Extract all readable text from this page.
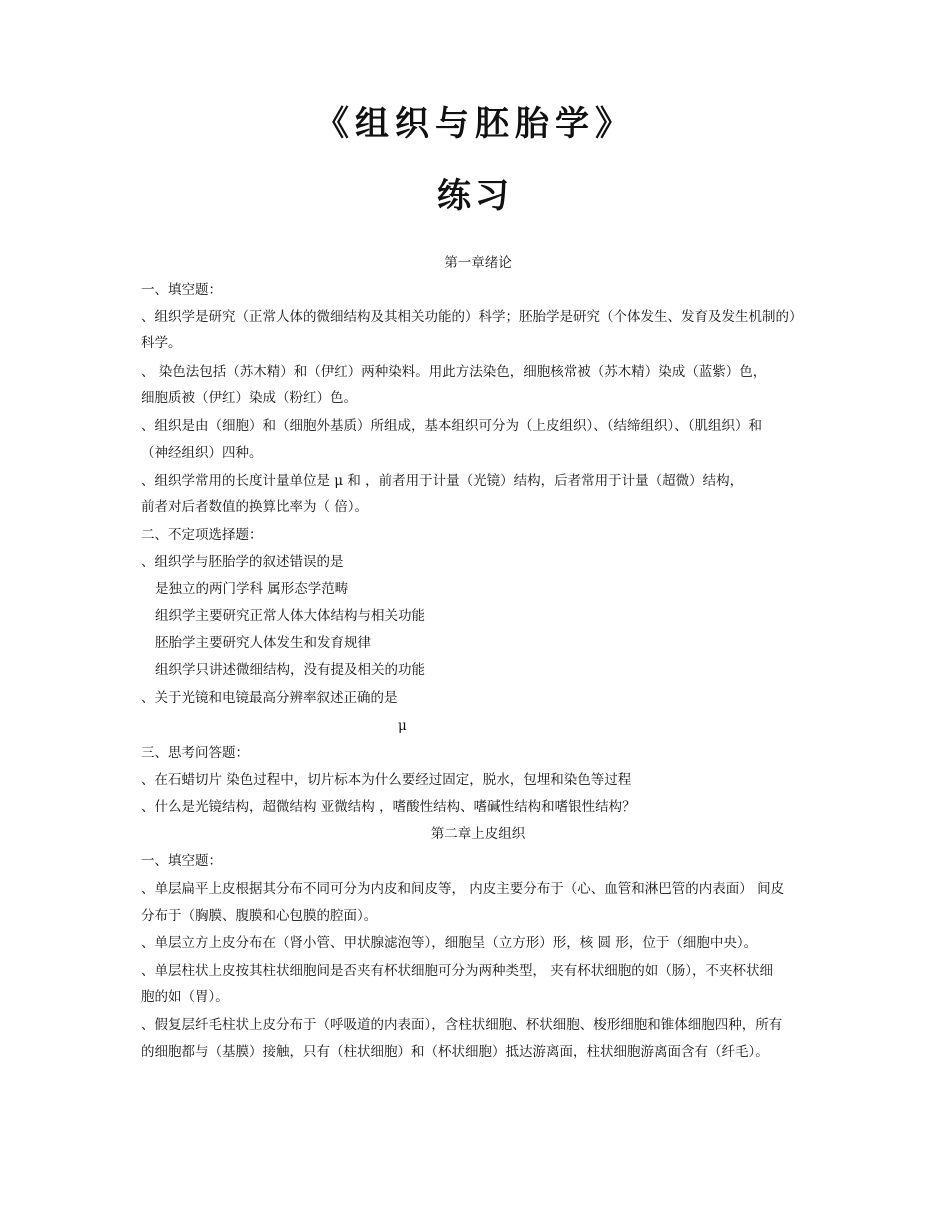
《组织与胚胎学》
练习
第一章绪论
一、填空题：
、组织学是研究（正常人体的微细结构及其相关功能的）科学；胚胎学是研究（个体发生、发育及发生机制的）
科学。
、 染色法包括（苏木精）和（伊红）两种染料。用此方法染色，细胞核常被（苏木精）染成（蓝紫）色，
细胞质被（伊红）染成（粉红）色。
、组织是由（细胞）和（细胞外基质）所组成，基本组织可分为（上皮组织）、（结缔组织）、（肌组织）和
（神经组织）四种。
、组织学常用的长度计量单位是 μ 和 ，前者用于计量（光镜）结构，后者常用于计量（超微）结构，
前者对后者数值的换算比率为（ 倍）。
二、不定项选择题：
、组织学与胚胎学的叙述错误的是
是独立的两门学科 属形态学范畴
组织学主要研究正常人体大体结构与相关功能
胚胎学主要研究人体发生和发育规律
组织学只讲述微细结构，没有提及相关的功能
、关于光镜和电镜最高分辨率叙述正确的是
μ
三、思考问答题：
、在石蜡切片 染色过程中，切片标本为什么要经过固定，脱水，包埋和染色等过程
、什么是光镜结构，超微结构 亚微结构 ，嗜酸性结构、嗜碱性结构和嗜银性结构？
第二章上皮组织
一、填空题：
、单层扁平上皮根据其分布不同可分为内皮和间皮等， 内皮主要分布于（心、血管和淋巴管的内表面） 间皮
分布于（胸膜、腹膜和心包膜的腔面）。
、单层立方上皮分布在（肾小管、甲状腺滤泡等），细胞呈（立方形）形，核 圆 形，位于（细胞中央）。
、单层柱状上皮按其柱状细胞间是否夹有杯状细胞可分为两种类型， 夹有杯状细胞的如（肠），不夹杯状细
胞的如（胃）。
、假复层纤毛柱状上皮分布于（呼吸道的内表面），含柱状细胞、杯状细胞、梭形细胞和锥体细胞四种，所有
的细胞都与（基膜）接触，只有（柱状细胞）和（杯状细胞）抵达游离面，柱状细胞游离面含有（纤毛）。
